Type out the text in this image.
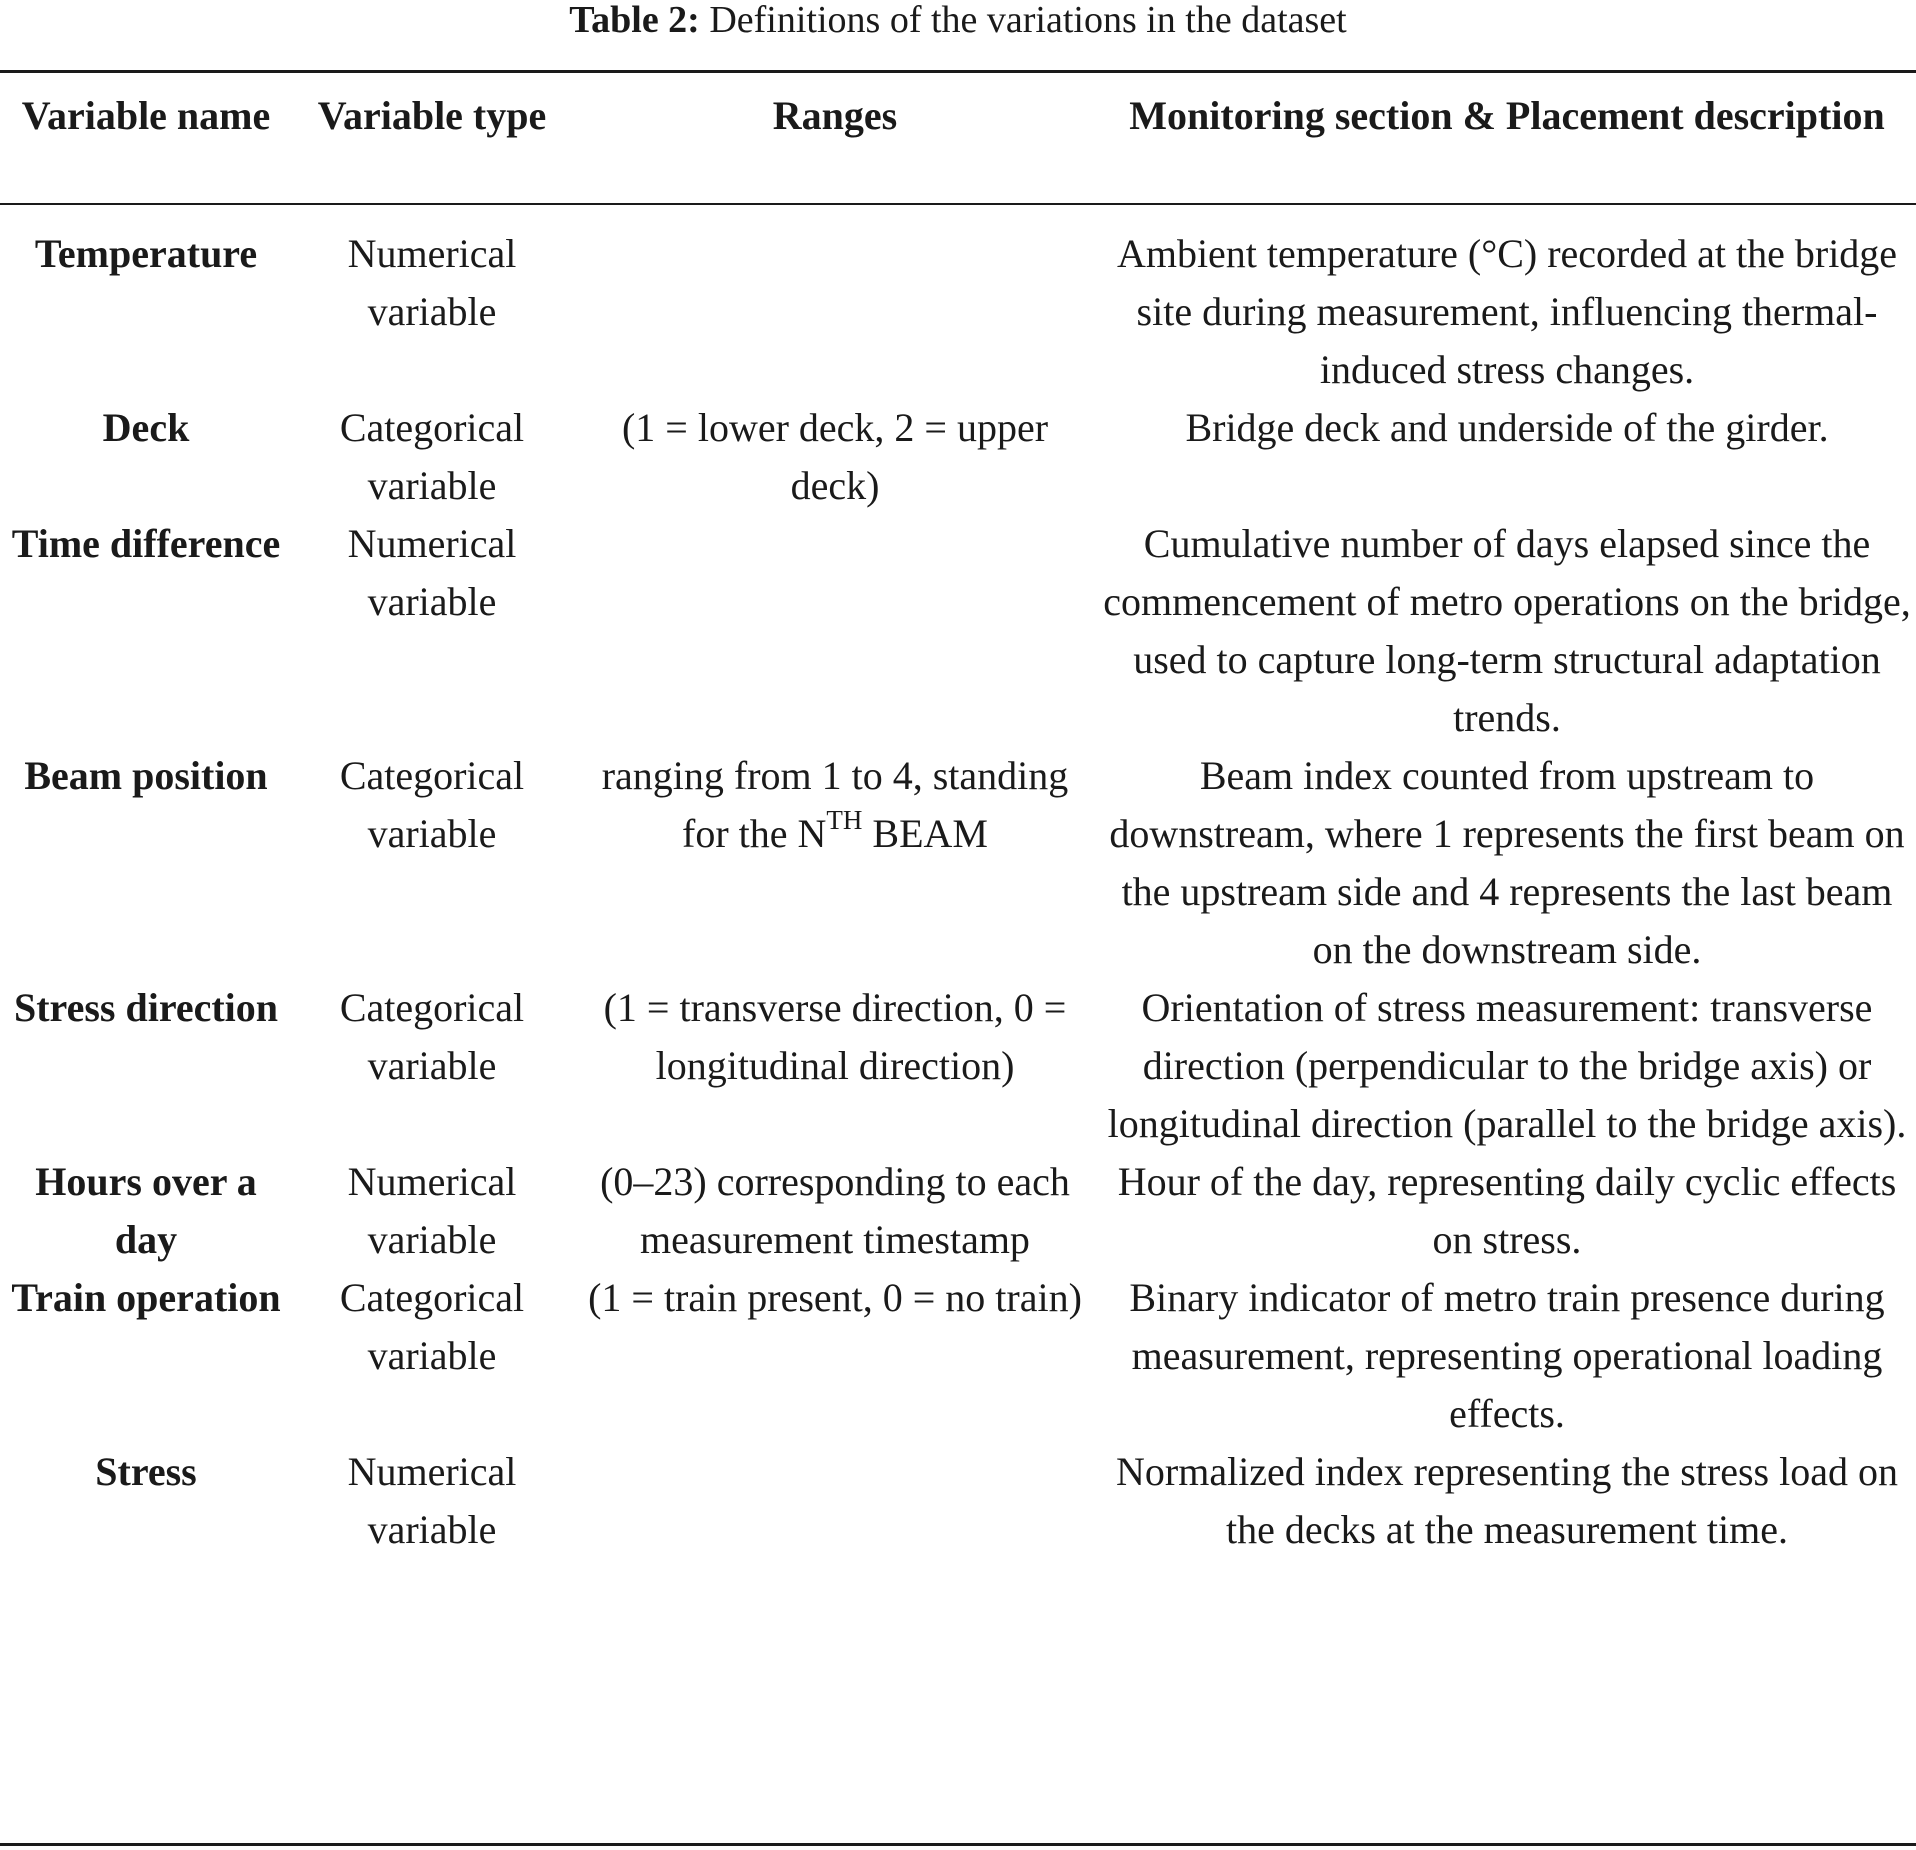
Table 2: Definitions of the variations in the dataset
Variable name	Variable type	Ranges	Monitoring section & Placement description

Temperature	Numerical variable		Ambient temperature (°C) recorded at the bridge site during measurement, influencing thermal-induced stress changes.
Deck	Categorical variable	(1 = lower deck, 2 = upper deck)	Bridge deck and underside of the girder.
Time difference	Numerical variable		Cumulative number of days elapsed since the commencement of metro operations on the bridge, used to capture long-term structural adaptation trends.
Beam position	Categorical variable	ranging from 1 to 4, standing for the $N^{TH}$ BEAM	Beam index counted from upstream to downstream, where 1 represents the first beam on the upstream side and 4 represents the last beam on the downstream side.
Stress direction	Categorical variable	(1 = transverse direction, 0 = longitudinal direction)	Orientation of stress measurement: transverse direction (perpendicular to the bridge axis) or longitudinal direction (parallel to the bridge axis).
Hours over a day	Numerical variable	(0–23) corresponding to each measurement timestamp	Hour of the day, representing daily cyclic effects on stress.
Train operation	Categorical variable	(1 = train present, 0 = no train)	Binary indicator of metro train presence during measurement, representing operational loading effects.
Stress	Numerical variable		Normalized index representing the stress load on the decks at the measurement time.
